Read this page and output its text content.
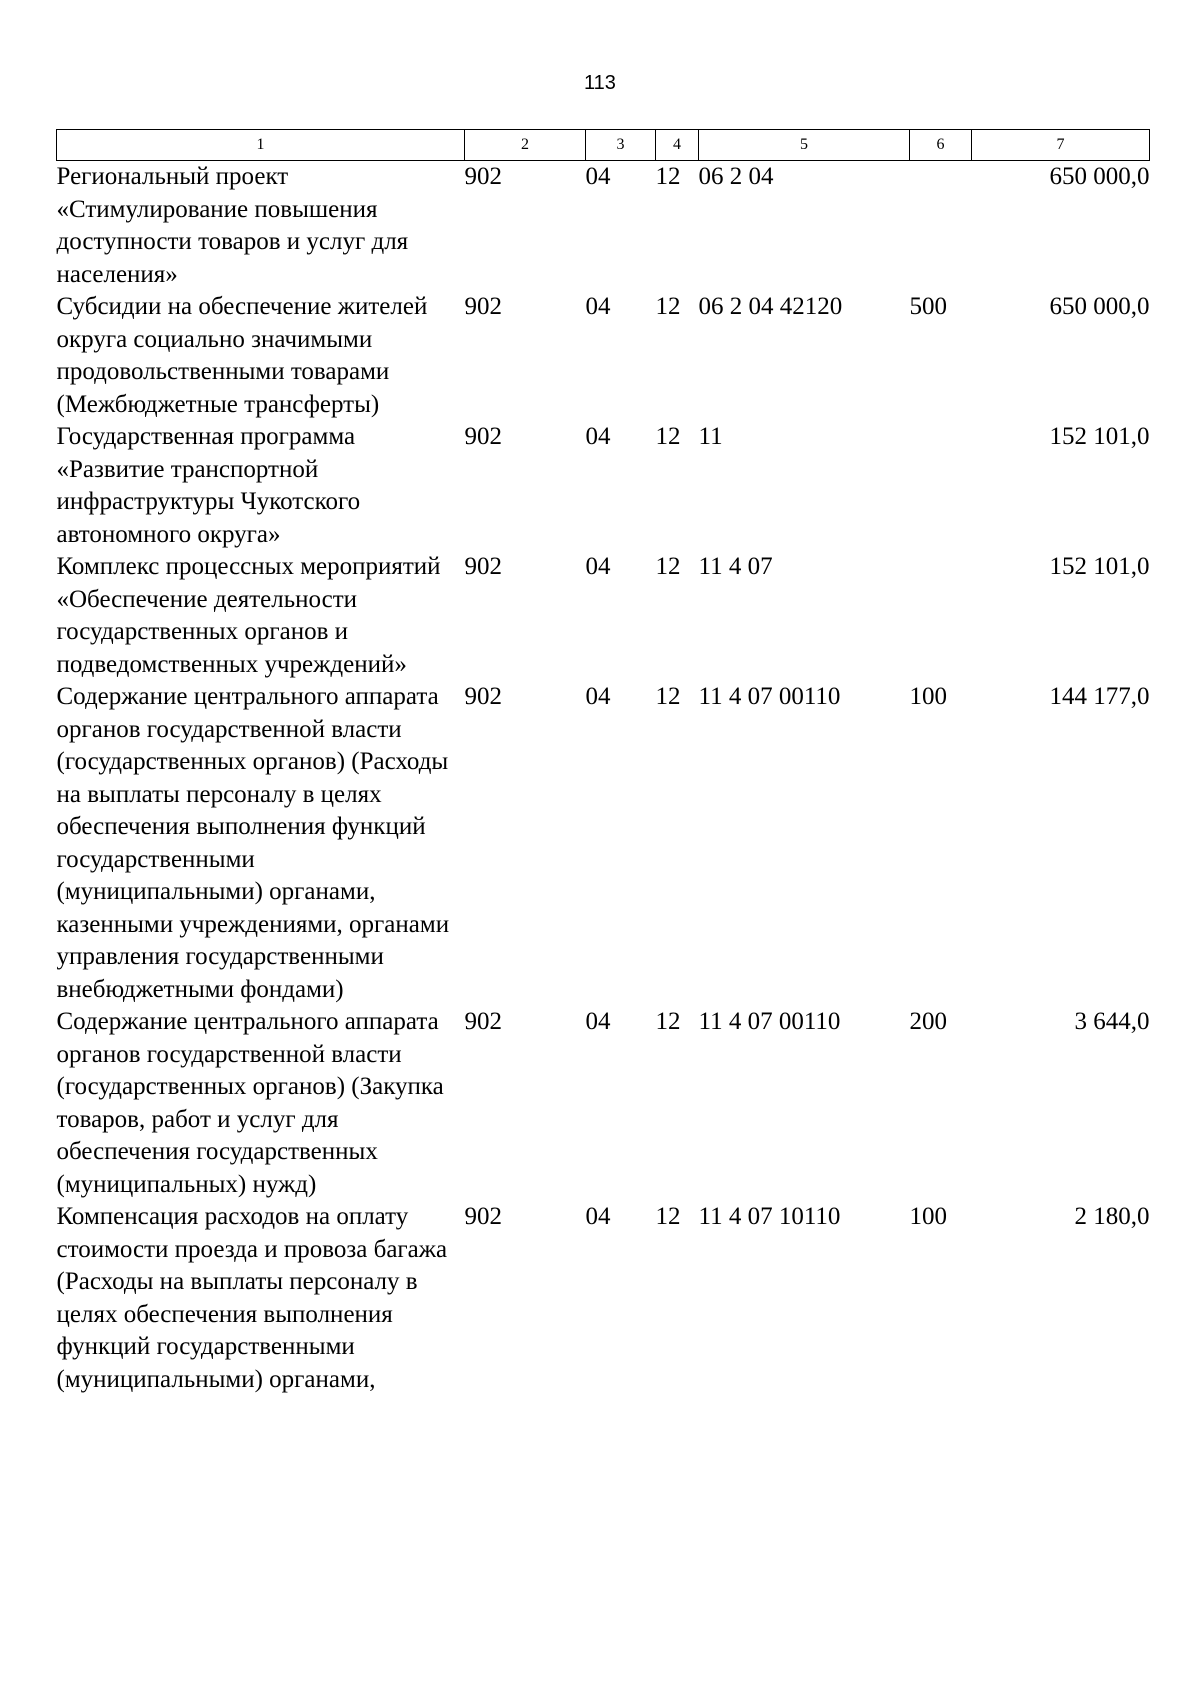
113
1	2	3	4	5	6	7
Региональный проект «Стимулирование повышения доступности товаров и услуг для населения»	902	04	12	06 2 04		650 000,0
Субсидии на обеспечение жителей округа социально значимыми продовольственными товарами (Межбюджетные трансферты)	902	04	12	06 2 04 42120	500	650 000,0
Государственная программа «Развитие транспортной инфраструктуры Чукотского автономного округа»	902	04	12	11		152 101,0
Комплекс процессных мероприятий «Обеспечение деятельности государственных органов и подведомственных учреждений»	902	04	12	11 4 07		152 101,0
Содержание центрального аппарата органов государственной власти (государственных органов) (Расходы на выплаты персоналу в целях обеспечения выполнения функций государственными (муниципальными) органами, казенными учреждениями, органами управления государственными внебюджетными фондами)	902	04	12	11 4 07 00110	100	144 177,0
Содержание центрального аппарата органов государственной власти (государственных органов) (Закупка товаров, работ и услуг для обеспечения государственных (муниципальных) нужд)	902	04	12	11 4 07 00110	200	3 644,0
Компенсация расходов на оплату стоимости проезда и провоза багажа (Расходы на выплаты персоналу в целях обеспечения выполнения функций государственными (муниципальными) органами,	902	04	12	11 4 07 10110	100	2 180,0
